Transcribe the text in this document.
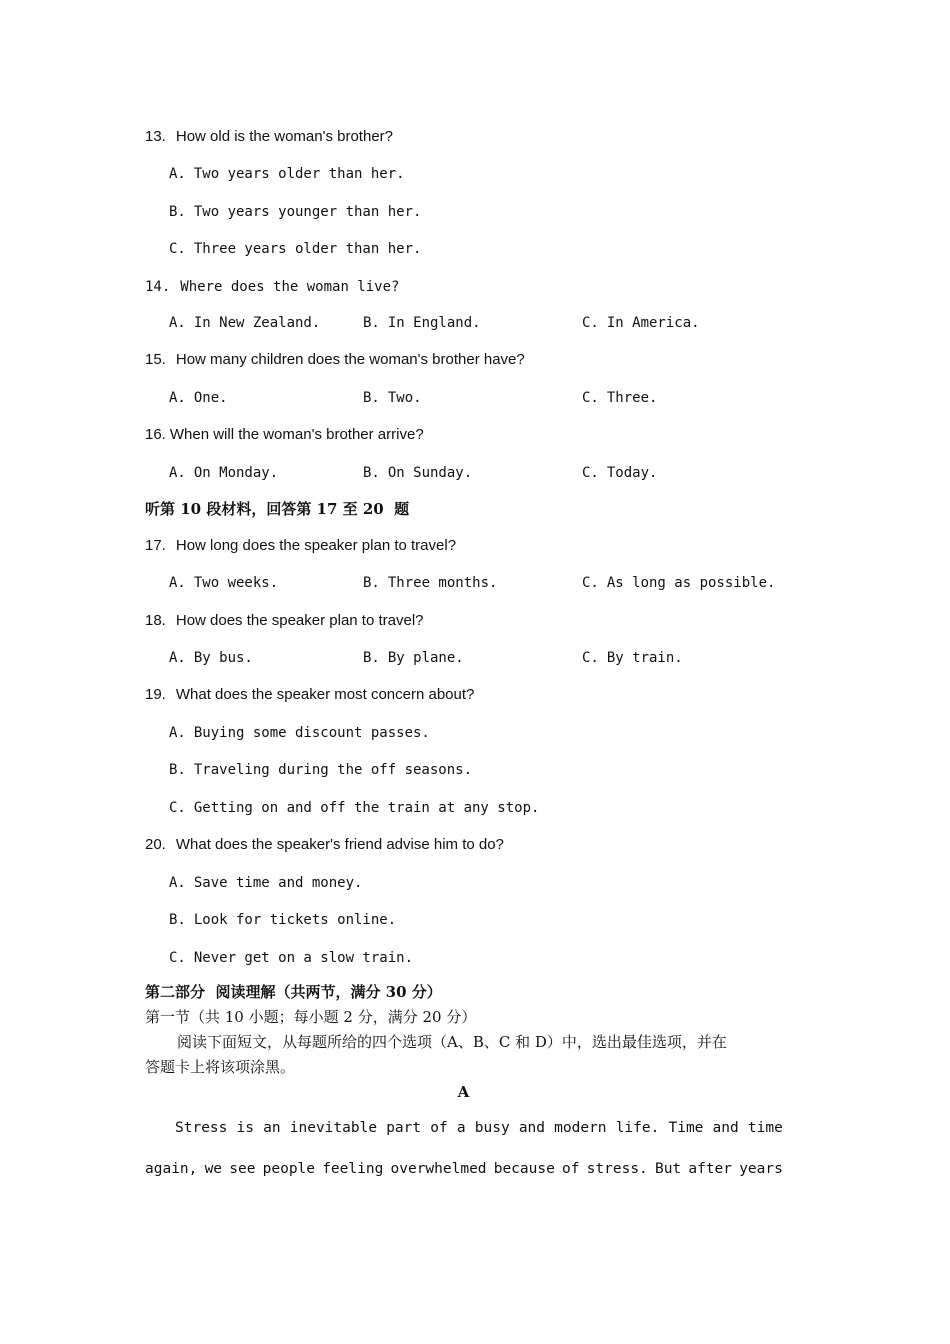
13. How old is the woman's brother?
A. Two years older than her.
B. Two years younger than her.
C. Three years older than her.
14. Where does the woman live?
A. In New Zealand.	B. In England.	C. In America.
15. How many children does the woman's brother have?
A. One.	B. Two.	C. Three.
16. When will the woman's brother arrive?
A. On Monday.	B. On Sunday.	C. Today.
听第 10 段材料，回答第 17 至 20  题
17. How long does the speaker plan to travel?
A. Two weeks.	B. Three months.	C. As long as possible.
18. How does the speaker plan to travel?
A. By bus.	B. By plane.	C. By train.
19. What does the speaker most concern about?
A. Buying some discount passes.
B. Traveling during the off seasons.
C. Getting on and off the train at any stop.
20. What does the speaker's friend advise him to do?
A. Save time and money.
B. Look for tickets online.
C. Never get on a slow train.
第二部分  阅读理解（共两节，满分 30 分）
第一节（共 10 小题；每小题 2 分，满分 20 分）
阅读下面短文，从每题所给的四个选项（A、B、C 和 D）中，选出最佳选项，并在
答题卡上将该项涂黑。
A
Stress is an inevitable part of a busy and modern life. Time and time
again, we see people feeling overwhelmed because of stress. But after years
